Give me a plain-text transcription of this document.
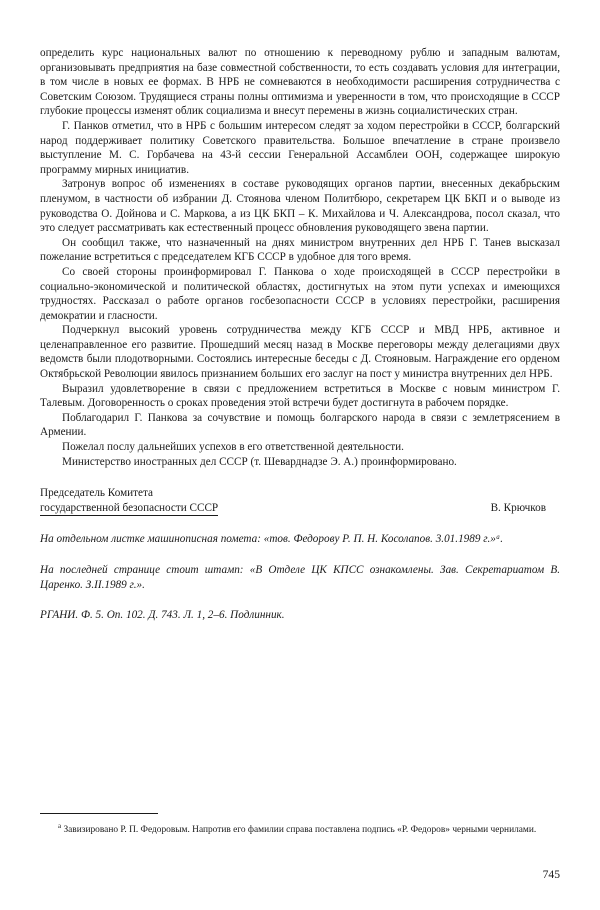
определить курс национальных валют по отношению к переводному рублю и западным валютам, организовывать предприятия на базе совместной собственности, то есть создавать условия для интеграции, в том числе в новых ее формах. В НРБ не сомневаются в необходимости расширения сотрудничества с Советским Союзом. Трудящиеся страны полны оптимизма и уверенности в том, что происходящие в СССР глубокие процессы изменят облик социализма и внесут перемены в жизнь социалистических стран.

Г. Панков отметил, что в НРБ с большим интересом следят за ходом перестройки в СССР, болгарский народ поддерживает политику Советского правительства. Большое впечатление в стране произвело выступление М. С. Горбачева на 43-й сессии Генеральной Ассамблеи ООН, содержащее широкую программу мирных инициатив.

Затронув вопрос об изменениях в составе руководящих органов партии, внесенных декабрьским пленумом, в частности об избрании Д. Стоянова членом Политбюро, секретарем ЦК БКП и о выводе из руководства О. Дойнова и С. Маркова, а из ЦК БКП – К. Михайлова и Ч. Александрова, посол сказал, что это следует рассматривать как естественный процесс обновления руководящего звена партии.

Он сообщил также, что назначенный на днях министром внутренних дел НРБ Г. Танев высказал пожелание встретиться с председателем КГБ СССР в удобное для того время.

Со своей стороны проинформировал Г. Панкова о ходе происходящей в СССР перестройки в социально-экономической и политической областях, достигнутых на этом пути успехах и имеющихся трудностях. Рассказал о работе органов госбезопасности СССР в условиях перестройки, расширения демократии и гласности.

Подчеркнул высокий уровень сотрудничества между КГБ СССР и МВД НРБ, активное и целенаправленное его развитие. Прошедший месяц назад в Москве переговоры между делегациями двух ведомств были плодотворными. Состоялись интересные беседы с Д. Стояновым. Награждение его орденом Октябрьской Революции явилось признанием больших его заслуг на пост у министра внутренних дел НРБ.

Выразил удовлетворение в связи с предложением встретиться в Москве с новым министром Г. Талевым. Договоренность о сроках проведения этой встречи будет достигнута в рабочем порядке.

Поблагодарил Г. Панкова за сочувствие и помощь болгарского народа в связи с землетрясением в Армении.

Пожелал послу дальнейших успехов в его ответственной деятельности.

Министерство иностранных дел СССР (т. Шеварднадзе Э. А.) проинформировано.

Председатель Комитета
государственной безопасности СССР	В. Крючков

На отдельном листке машинописная помета: «тов. Федорову Р. П. Н. Косолапов. 3.01.1989 г.»ᵃ.

На последней странице стоит штамп: «В Отделе ЦК КПСС ознакомлены. Зав. Секретариатом В. Царенко. З.II.1989 г.».

РГАНИ. Ф. 5. Оп. 102. Д. 743. Л. 1, 2–6. Подлинник.

$^а$ Завизировано Р. П. Федоровым. Напротив его фамилии справа поставлена подпись «Р. Федоров» черными чернилами.
745
